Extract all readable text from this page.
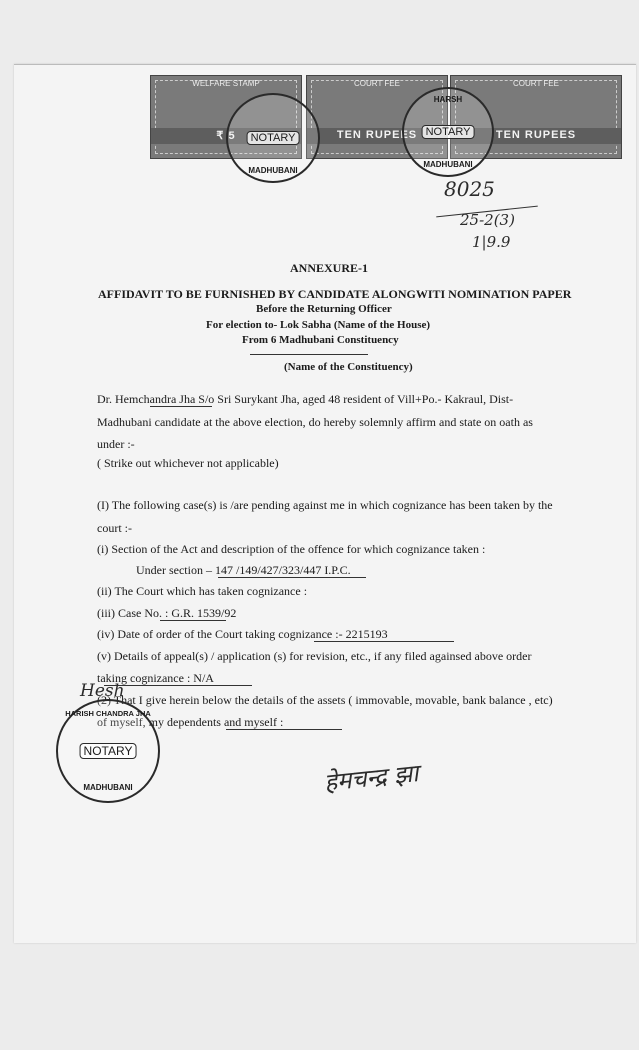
WELFARE STAMP
₹ 5
COURT FEE
TEN RUPEES
COURT FEE
TEN RUPEES
NOTARY
MADHUBANI
HARSH
NOTARY
MADHUBANI
8025
25-2(3)
1|9.9
ANNEXURE-1
AFFIDAVIT TO BE FURNISHED BY CANDIDATE ALONGWITI NOMINATION PAPER
Before the Returning Officer
For election to- Lok Sabha (Name of the House)
From 6 Madhubani Constituency
(Name of the Constituency)
Dr. Hemchandra Jha S/o Sri Surykant Jha, aged 48 resident of Vill+Po.- Kakraul, Dist-
Madhubani candidate at the above election, do hereby solemnly affirm and state on oath as
under :-
( Strike out whichever not applicable)
(I) The following case(s) is /are pending against me in which cognizance has been taken by the
court :-
(i) Section of the Act and description of the offence for which cognizance taken :
Under section – 147 /149/427/323/447 I.P.C.
(ii) The Court which has taken cognizance :
(iii) Case No. : G.R. 1539/92
(iv) Date of order of the Court taking cognizance :- 2215193
(v) Details of appeal(s) / application (s) for revision, etc., if any filed againsed above order
taking cognizance : N/A
(2) That I give herein below the details of the assets ( immovable, movable, bank balance , etc)
of myself, my dependents and myself :
Hesh
HARISH CHANDRA JHA
NOTARY
MADHUBANI	हेमचन्द्र झा
